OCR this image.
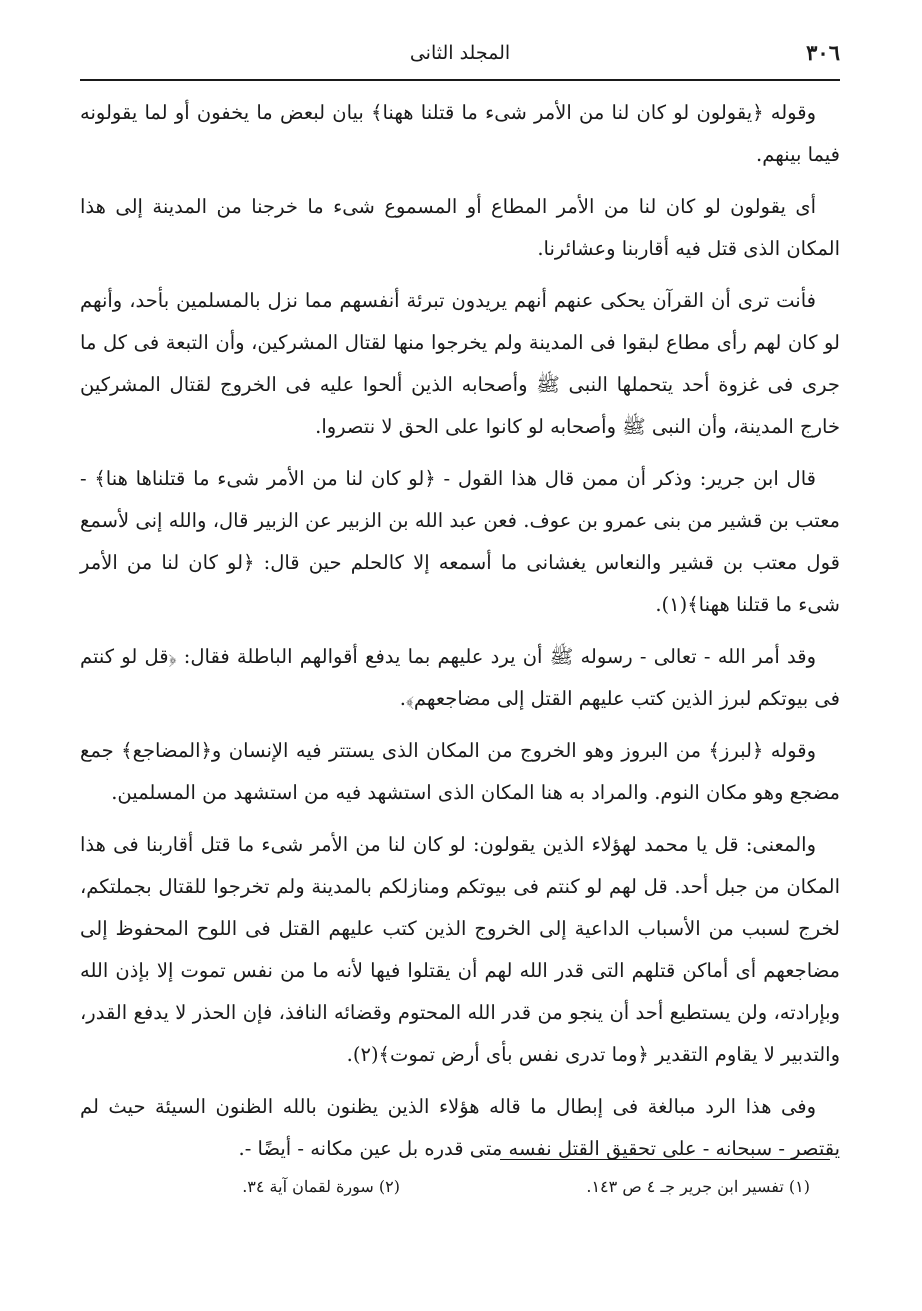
٣٠٦
المجلد الثانى

وقوله ﴿يقولون لو كان لنا من الأمر شىء ما قتلنا ههنا﴾ بيان لبعض ما يخفون أو لما يقولونه فيما بينهم.

أى يقولون لو كان لنا من الأمر المطاع أو المسموع شىء ما خرجنا من المدينة إلى هذا المكان الذى قتل فيه أقاربنا وعشائرنا.

فأنت ترى أن القرآن يحكى عنهم أنهم يريدون تبرئة أنفسهم مما نزل بالمسلمين بأحد، وأنهم لو كان لهم رأى مطاع لبقوا فى المدينة ولم يخرجوا منها لقتال المشركين، وأن التبعة فى كل ما جرى فى غزوة أحد يتحملها النبى ﷺ وأصحابه الذين ألحوا عليه فى الخروج لقتال المشركين خارج المدينة، وأن النبى ﷺ وأصحابه لو كانوا على الحق لا نتصروا.

قال ابن جرير: وذكر أن ممن قال هذا القول - ﴿لو كان لنا من الأمر شىء ما قتلناها هنا﴾ - معتب بن قشير من بنى عمرو بن عوف. فعن عبد الله بن الزبير عن الزبير قال، والله إنى لأسمع قول معتب بن قشير والنعاس يغشانى ما أسمعه إلا كالحلم حين قال: ﴿لو كان لنا من الأمر شىء ما قتلنا ههنا﴾(١).

وقد أمر الله - تعالى - رسوله ﷺ أن يرد عليهم بما يدفع أقوالهم الباطلة فقال: ﴿قل لو كنتم فى بيوتكم لبرز الذين كتب عليهم القتل إلى مضاجعهم﴾.

وقوله ﴿لبرز﴾ من البروز وهو الخروج من المكان الذى يستتر فيه الإنسان و﴿المضاجع﴾ جمع مضجع وهو مكان النوم. والمراد به هنا المكان الذى استشهد فيه من استشهد من المسلمين.

والمعنى: قل يا محمد لهؤلاء الذين يقولون: لو كان لنا من الأمر شىء ما قتل أقاربنا فى هذا المكان من جبل أحد. قل لهم لو كنتم فى بيوتكم ومنازلكم بالمدينة ولم تخرجوا للقتال بجملتكم، لخرج لسبب من الأسباب الداعية إلى الخروج الذين كتب عليهم القتل فى اللوح المحفوظ إلى مضاجعهم أى أماكن قتلهم التى قدر الله لهم أن يقتلوا فيها لأنه ما من نفس تموت إلا بإذن الله وبإرادته، ولن يستطيع أحد أن ينجو من قدر الله المحتوم وقضائه النافذ، فإن الحذر لا يدفع القدر، والتدبير لا يقاوم التقدير ﴿وما تدرى نفس بأى أرض تموت﴾(٢).

وفى هذا الرد مبالغة فى إبطال ما قاله هؤلاء الذين يظنون بالله الظنون السيئة حيث لم يقتصر - سبحانه - على تحقيق القتل نفسه متى قدره بل عين مكانه - أيضًا -.

(١) تفسير ابن جرير جـ ٤ ص ١٤٣.
(٢) سورة لقمان آية ٣٤.
